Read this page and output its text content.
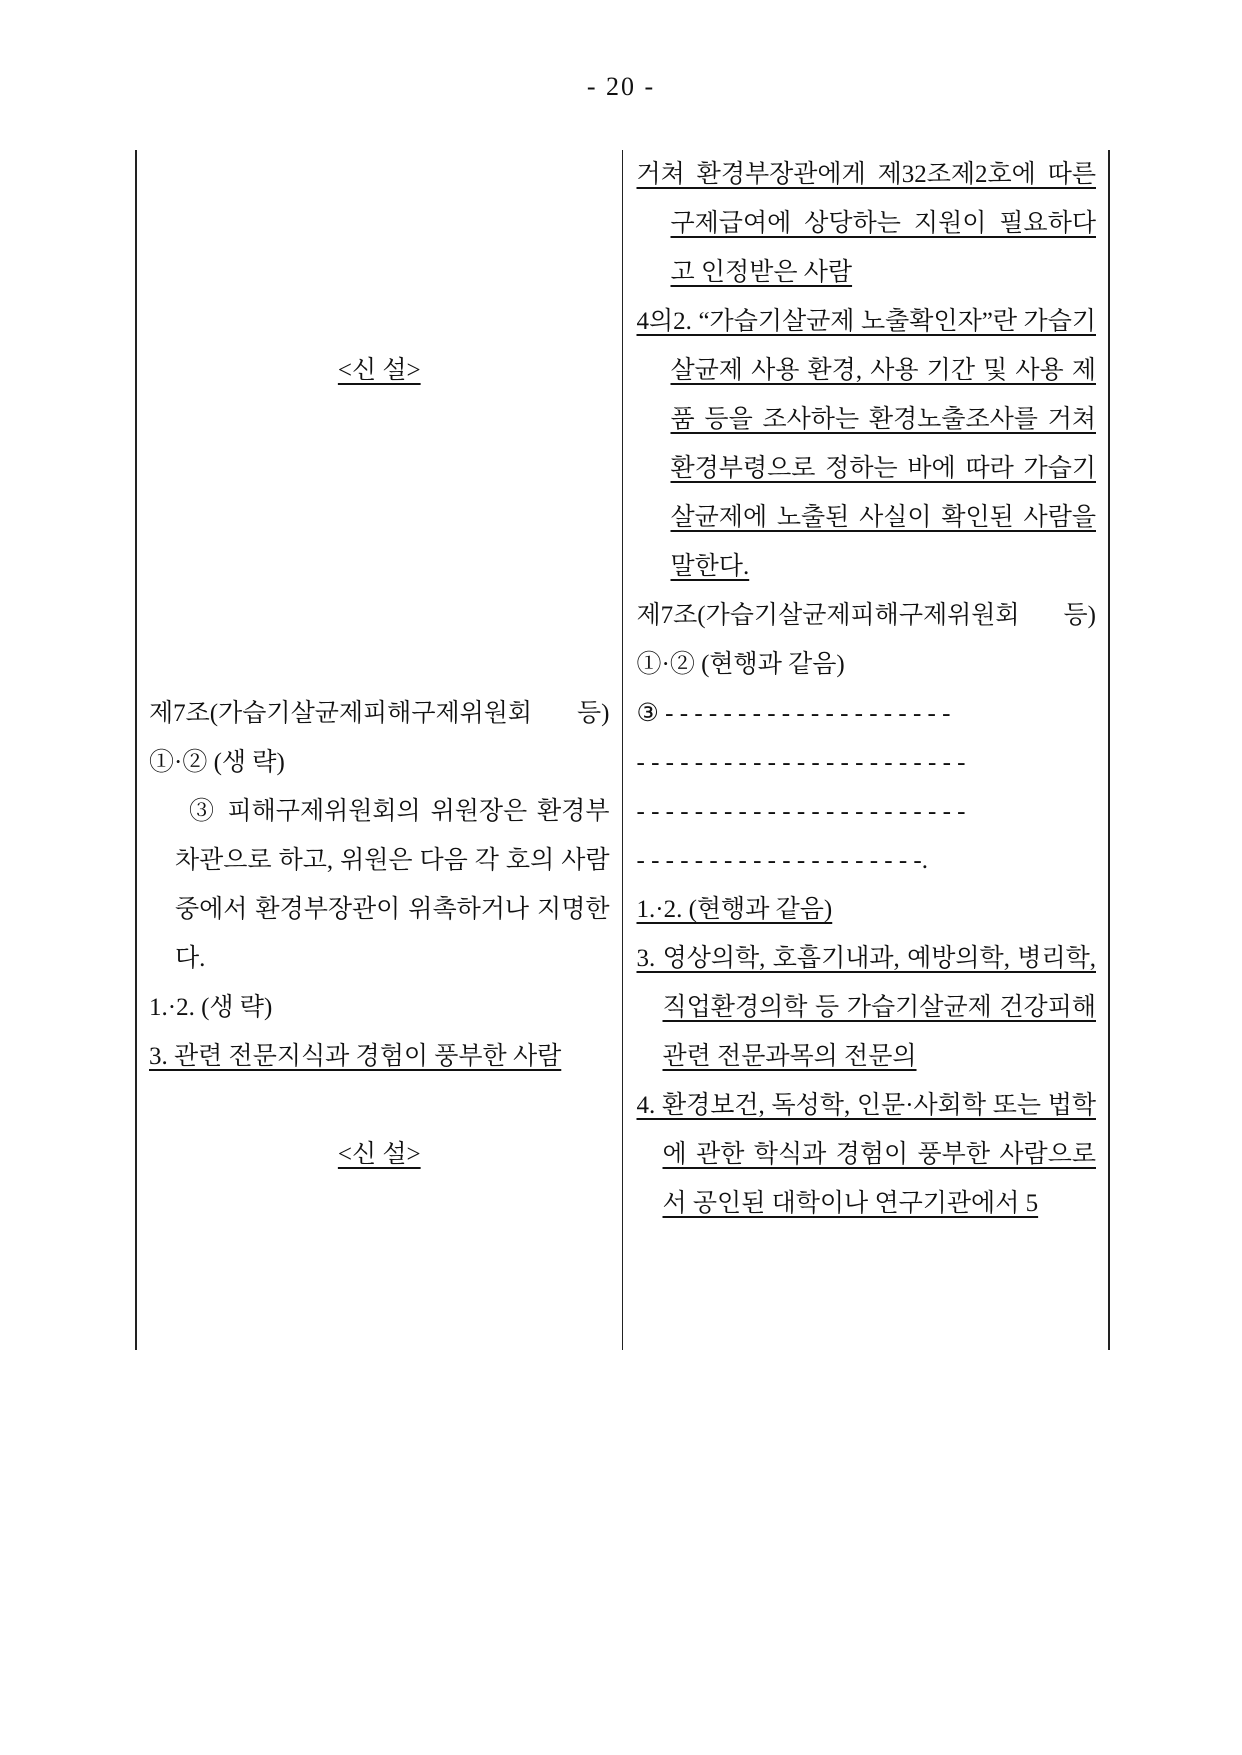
- 20 -
<신 설>

제7조(가습기살균제피해구제위원회 등) ①·② (생 략)

③ 피해구제위원회의 위원장은 환경부차관으로 하고, 위원은 다음 각 호의 사람 중에서 환경부장관이 위촉하거나 지명한다.

1.·2. (생 략)

3. 관련 전문지식과 경험이 풍부한 사람

<신 설>

거쳐 환경부장관에게 제32조제2호에 따른 구제급여에 상당하는 지원이 필요하다고 인정받은 사람

4의2. “가습기살균제 노출확인자”란 가습기살균제 사용 환경, 사용 기간 및 사용 제품 등을 조사하는 환경노출조사를 거쳐 환경부령으로 정하는 바에 따라 가습기살균제에 노출된 사실이 확인된 사람을 말한다.

제7조(가습기살균제피해구제위원회 등) ①·② (현행과 같음)

③ - - - - - - - - - - - - - - - - - - - -

- - - - - - - - - - - - - - - - - - - - - - -

- - - - - - - - - - - - - - - - - - - - - - -

- - - - - - - - - - - - - - - - - - - -.

1.·2. (현행과 같음)

3. 영상의학, 호흡기내과, 예방의학, 병리학, 직업환경의학 등 가습기살균제 건강피해 관련 전문과목의 전문의

4. 환경보건, 독성학, 인문·사회학 또는 법학에 관한 학식과 경험이 풍부한 사람으로서 공인된 대학이나 연구기관에서 5
